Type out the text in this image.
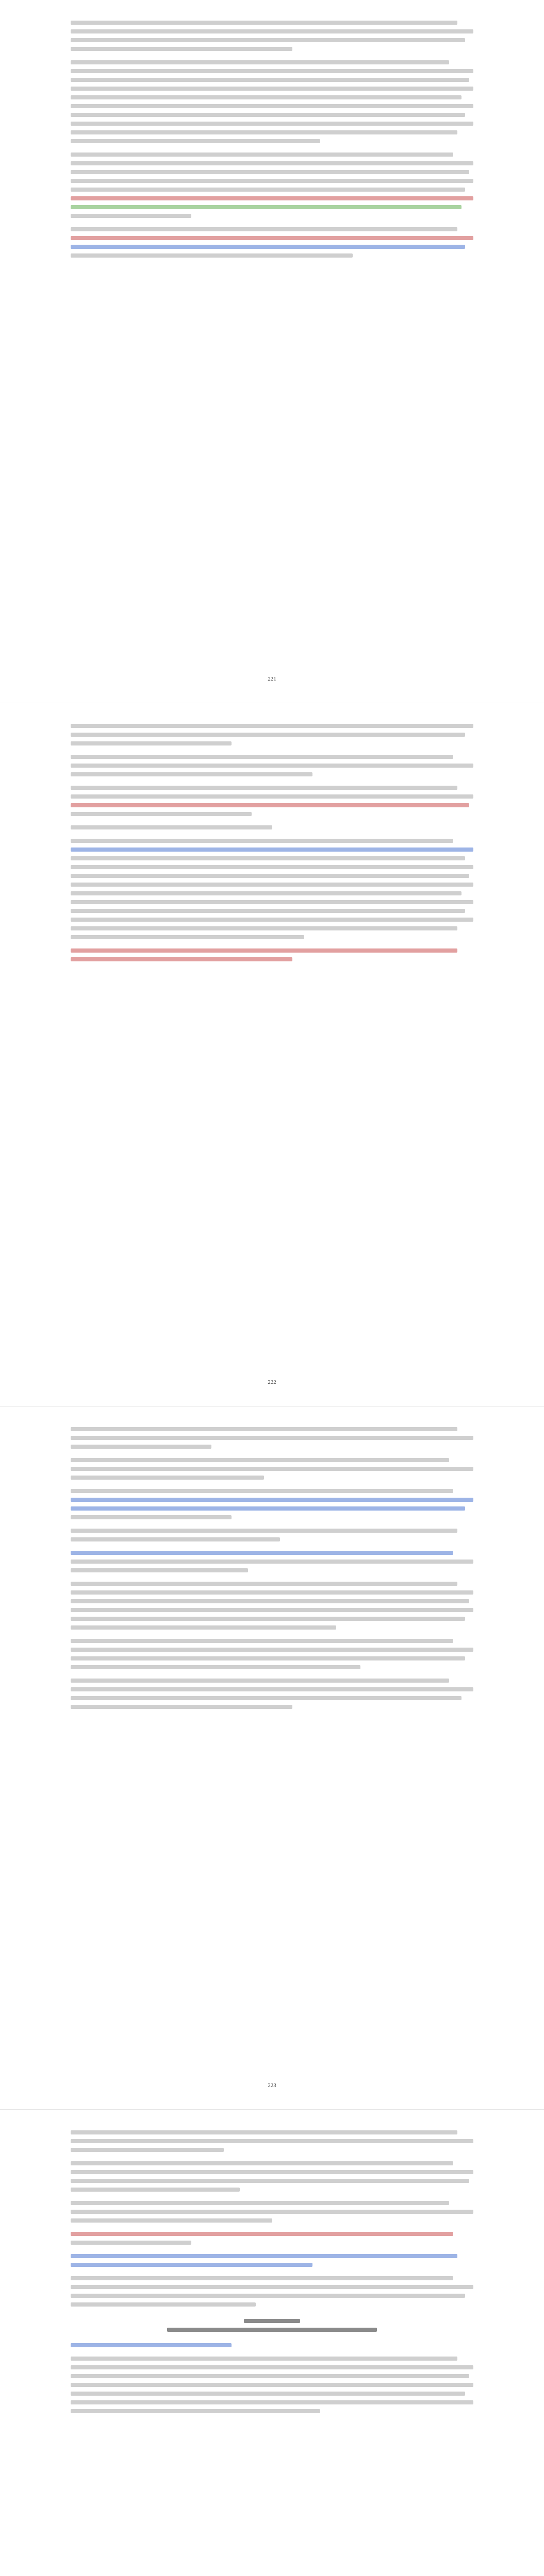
221
222
223
